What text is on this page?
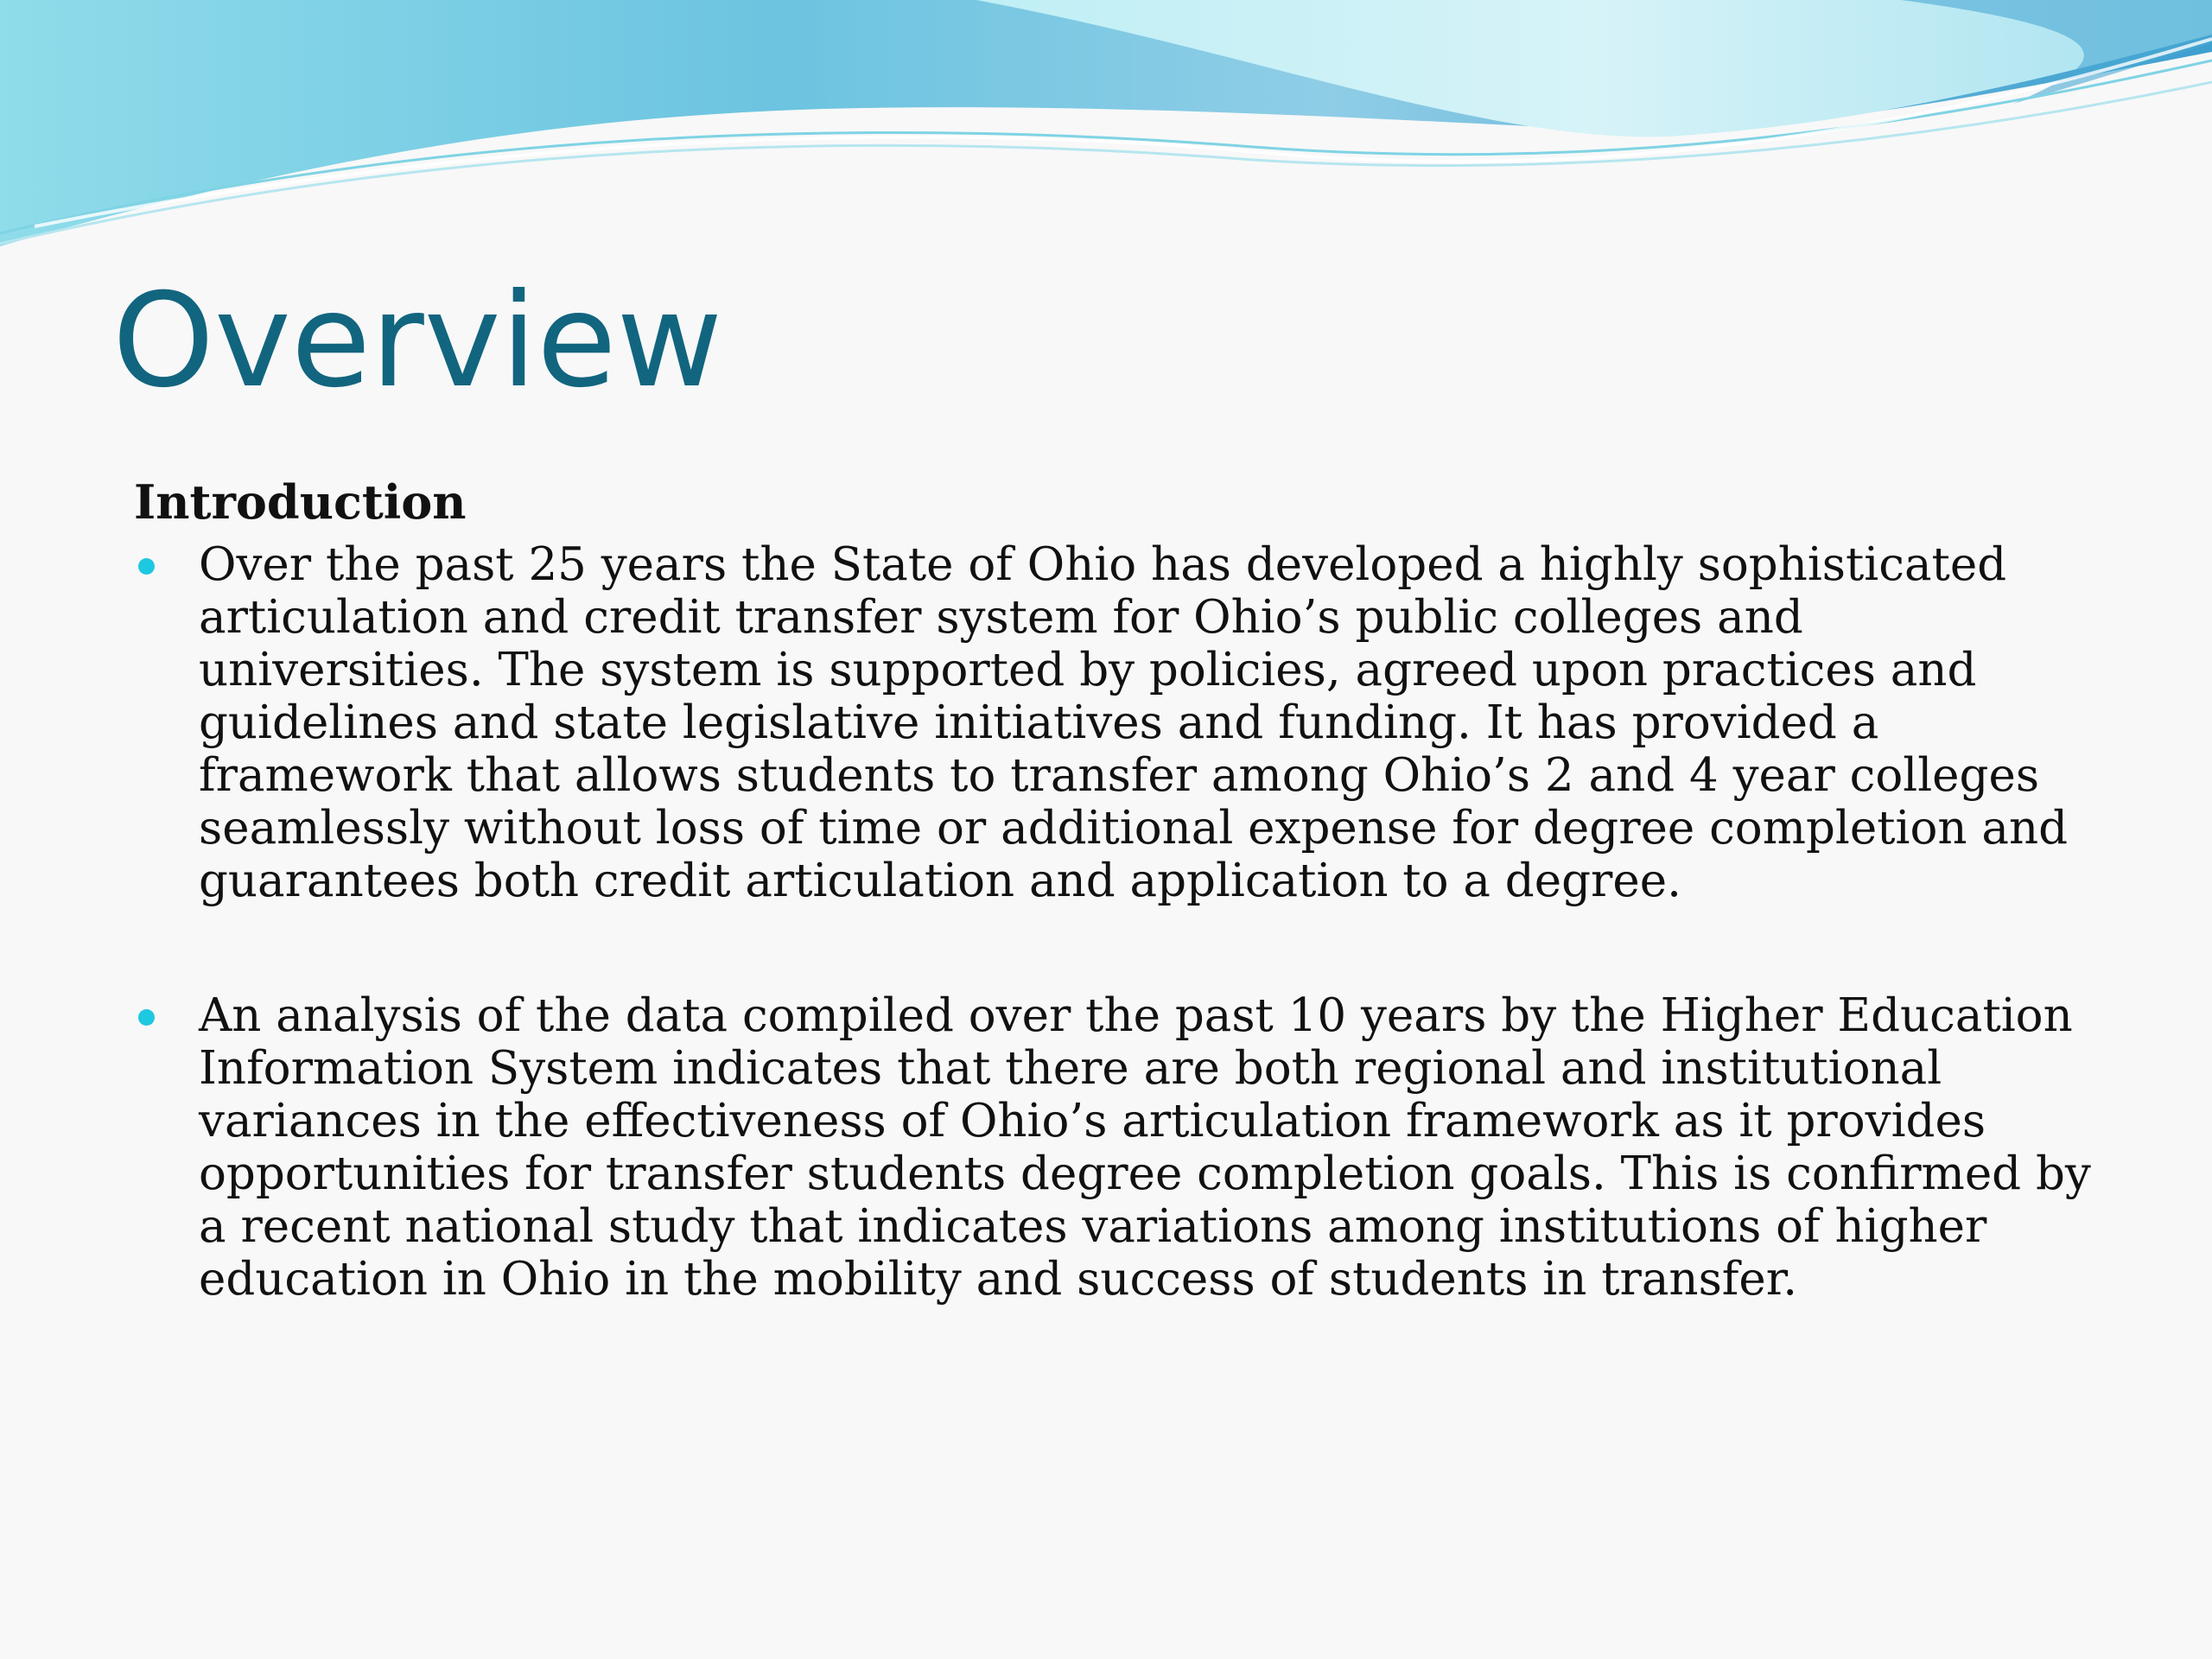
Overview
Introduction
Over the past 25 years the State of Ohio has developed a highly sophisticated articulation and credit transfer system for Ohio’s public colleges and universities. The system is supported by policies, agreed upon practices and guidelines and state legislative initiatives and funding. It has provided a framework that allows students to transfer among Ohio’s 2 and 4 year colleges seamlessly without loss of time or additional expense for degree completion and guarantees both credit articulation and application to a degree.
An analysis of the data compiled over the past 10 years by the Higher Education Information System indicates that there are both regional and institutional variances in the effectiveness of Ohio’s articulation framework as it provides opportunities for transfer students degree completion goals. This is confirmed by a recent national study that indicates variations among institutions of higher education in Ohio in the mobility and success of students in transfer.
